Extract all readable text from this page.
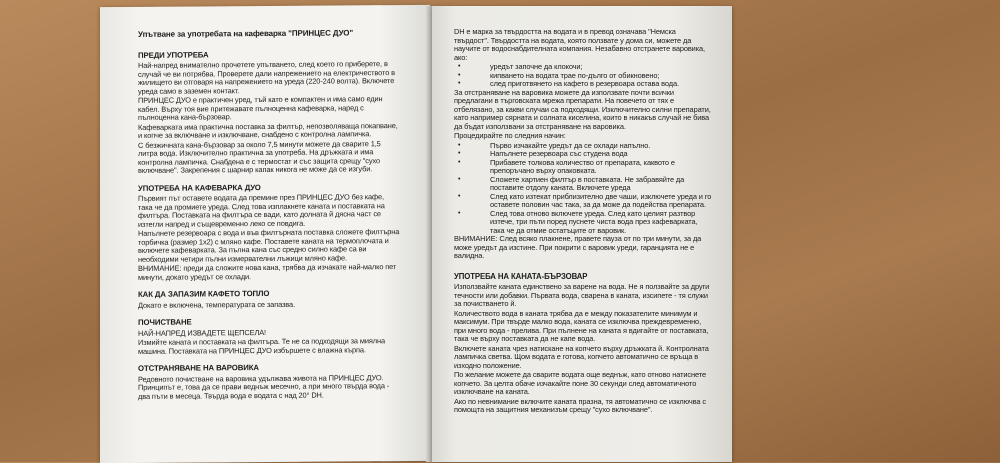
Упътване за употребата на кафеварка "ПРИНЦЕС ДУО"
ПРЕДИ УПОТРЕБА

Най-напред внимателно прочетете упътването, след което го приберете, в случай че ви потрябва. Проверете дали напрежението на електричеството в жилището ви отговаря на напрежението на уреда (220-240 волта). Включете уреда само в заземен контакт.

ПРИНЦЕС ДУО е практичен уред, тъй като е компактен и има само един кабел. Върху тоя вие притежавате пълноценна кафеварка, наред с пълноценна кана-бързовар.

Кафеварката има практична поставка за филтър, непозволяваща покапване, и копче за включване и изключване, снабдено с контролна лампичка.

С безжичната кана-бързовар за около 7,5 минути можете да сварите 1,5 литра вода. Изключително практична за употреба. На дръжката и има контролна лампичка. Снабдена е с термостат и със защита срещу "сухо включване". Закрепения с шарнир капак никога не може да се изгуби.

УПОТРЕБА НА КАФЕВАРКА ДУО

Първият път оставете водата да премине през ПРИНЦЕС ДУО без кафе, така че да промиете уреда. След това изплакнете каната и поставката на филтъра. Поставката на филтъра се вади, като долната й дясна част се изтегли напред и същевременно леко се повдига.

Напълнете резервоара с вода и във филтърната поставка сложете филтърна торбичка (размер 1x2) с мляно кафе. Поставете каната на термоплочата и включете кафеварката. За пълна кана със средно силно кафе са ви необходими четири пълни измервателни лъжици мляно кафе.

ВНИМАНИЕ: преди да сложите нова кана, трябва да изчакате най-малко пет минути, докато уредът се охлади.

КАК ДА ЗАПАЗИМ КАФЕТО ТОПЛО

Докато е включена, температурата се запазва.

ПОЧИСТВАНЕ

НАЙ-НАПРЕД ИЗВАДЕТЕ ЩЕПСЕЛА!

Измийте каната и поставката на филтъра. Те не са подходящи за миялна машина. Поставката на ПРИНЦЕС ДУО избършете с влажна кърпа.

ОТСТРАНЯВАНЕ НА ВАРОВИКА

Редовното почистване на варовика удължава живота на ПРИНЦЕС ДУО. Принципът е, това да се прави веднъж месечно, а при много твърда вода - два пъти в месеца. Твърда вода е водата с над 20° DH.

DH е марка за твърдостта на водата и в превод означава "Немска твърдост". Твърдостта на водата, която ползвате у дома си, можете да научите от водоснабдителната компания. Незабавно отстранете варовика, ако:

• уредът започне да клокочи;

• кипването на водата трае по-дълго от обикновено;

• след приготвянето на кафето в резервоара остава вода.

За отстраняване на варовика можете да използвате почти всички предлагани в търговската мрежа препарати. На повечето от тях е отбелязано, за какви случаи са подходящи. Изключително силни препарати, като например сярната и солната киселина, които в никакъв случай не бива да бъдат използвани за отстраняване на варовика.

Процедирайте по следния начин:

• Първо изчакайте уредът да се охлади напълно.

• Напълнете резервоара със студена вода

• Прибавете толкова количество от препарата, каквото е препоръчано върху опаковката.

• Сложете хартиен филтър в поставката. Не забравяйте да поставите отдолу каната. Включете уреда

• След като изтекат приблизително две чаши, изключете уреда и го оставете половин час така, за да може да подейства препарата.

• След това отново включете уреда. След като целият разтвор изтече, три пъти поред пуснете чиста вода през кафеварката, така че да отмие остатъците от варовик.

ВНИМАНИЕ: След всяко плакнене, правете пауза от по три минути, за да може уредът да изстине. При покрити с варовик уреди, гаранцията не е валидна.

УПОТРЕБА НА КАНАТА-БЪРЗОВАР

Използвайте каната единствено за варене на вода. Не я ползвайте за други течности или добавки. Първата вода, сварена в каната, изсипете - тя служи за почистването й.

Количеството вода в каната трябва да е между показателите минимум и максимум. При твърде малко вода, каната се изключва преждевременно, при много вода - прелива. При пълнене на каната я вдигайте от поставката, така че върху поставката да не капе вода.

Включете каната чрез натискане на копчето върху дръжката й. Контролната лампичка светва. Щом водата е готова, копчето автоматично се връща в изходно положение.

По желание можете да сварите водата още веднъж, като отново натиснете копчето. За целта обаче изчакайте поне 30 секунди след автоматичното изключване на каната.

Ако по невнимание включите каната празна, тя автоматично се изключва с помощта на защитния механизъм срещу "сухо включване".
